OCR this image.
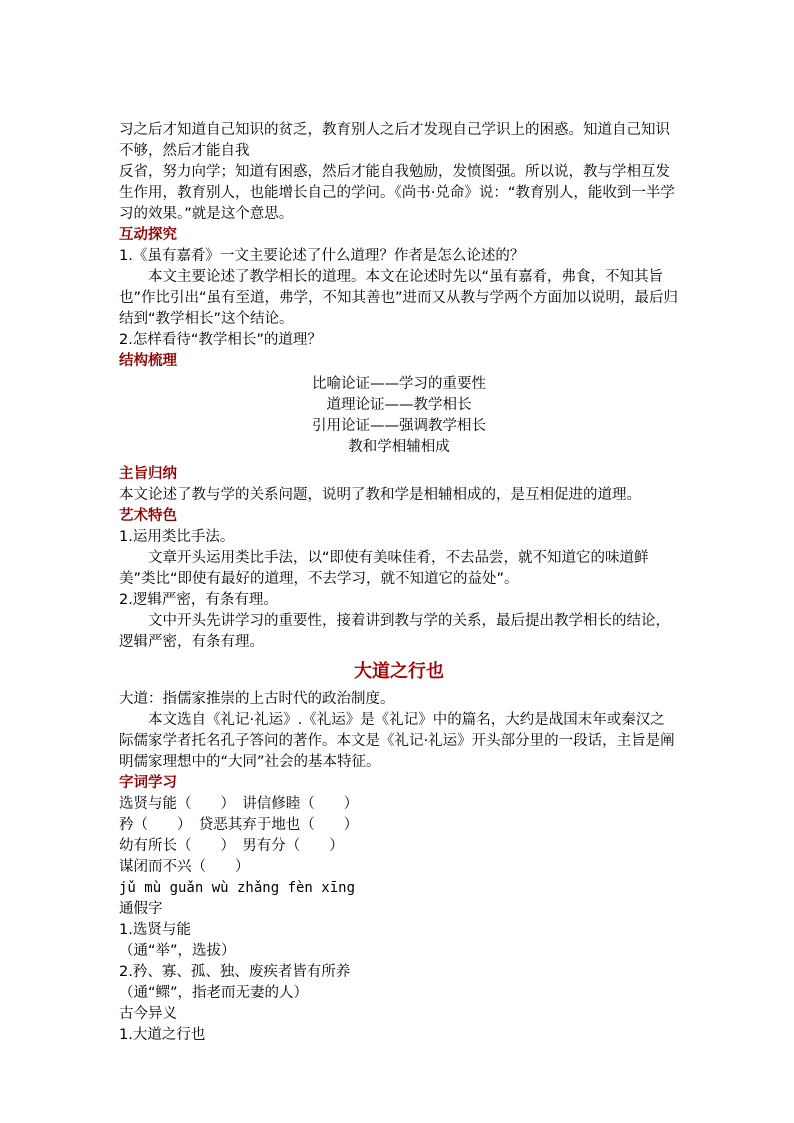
习之后才知道自己知识的贫乏，教育别人之后才发现自己学识上的困惑。知道自己知识不够，然后才能自我

反省，努力向学；知道有困惑，然后才能自我勉励，发愤图强。所以说，教与学相互发生作用，教育别人，也能增长自己的学问。《尚书·兑命》说：“教育别人，能收到一半学习的效果。”就是这个意思。

互动探究

1.《虽有嘉肴》一文主要论述了什么道理？作者是怎么论述的？

本文主要论述了教学相长的道理。本文在论述时先以“虽有嘉肴，弗食，不知其旨也”作比引出“虽有至道，弗学，不知其善也”进而又从教与学两个方面加以说明，最后归结到“教学相长”这个结论。

2.怎样看待“教学相长”的道理？

结构梳理

比喻论证——学习的重要性
道理论证——教学相长
引用论证——强调教学相长
教和学相辅相成

主旨归纳

本文论述了教与学的关系问题，说明了教和学是相辅相成的，是互相促进的道理。

艺术特色

1.运用类比手法。

文章开头运用类比手法，以“即使有美味佳肴，不去品尝，就不知道它的味道鲜美”类比“即使有最好的道理，不去学习，就不知道它的益处”。

2.逻辑严密，有条有理。

文中开头先讲学习的重要性，接着讲到教与学的关系，最后提出教学相长的结论，逻辑严密，有条有理。

大道之行也

大道：指儒家推崇的上古时代的政治制度。

本文选自《礼记·礼运》.《礼运》是《礼记》中的篇名，大约是战国末年或秦汉之际儒家学者托名孔子答问的著作。本文是《礼记·礼运》开头部分里的一段话，主旨是阐明儒家理想中的“大同”社会的基本特征。

字词学习

选贤与能（　　）　讲信修睦（　　）

矜（　　）　贷恶其弃于地也（　　）

幼有所长（　　）　男有分（　　）

谋闭而不兴（　　）

jǔ mù guǎn wù zhǎng fèn xīng

通假字

1.选贤与能

（通“举”，选拔）

2.矜、寡、孤、独、废疾者皆有所养

（通“鳏”，指老而无妻的人）

古今异义

1.大道之行也
